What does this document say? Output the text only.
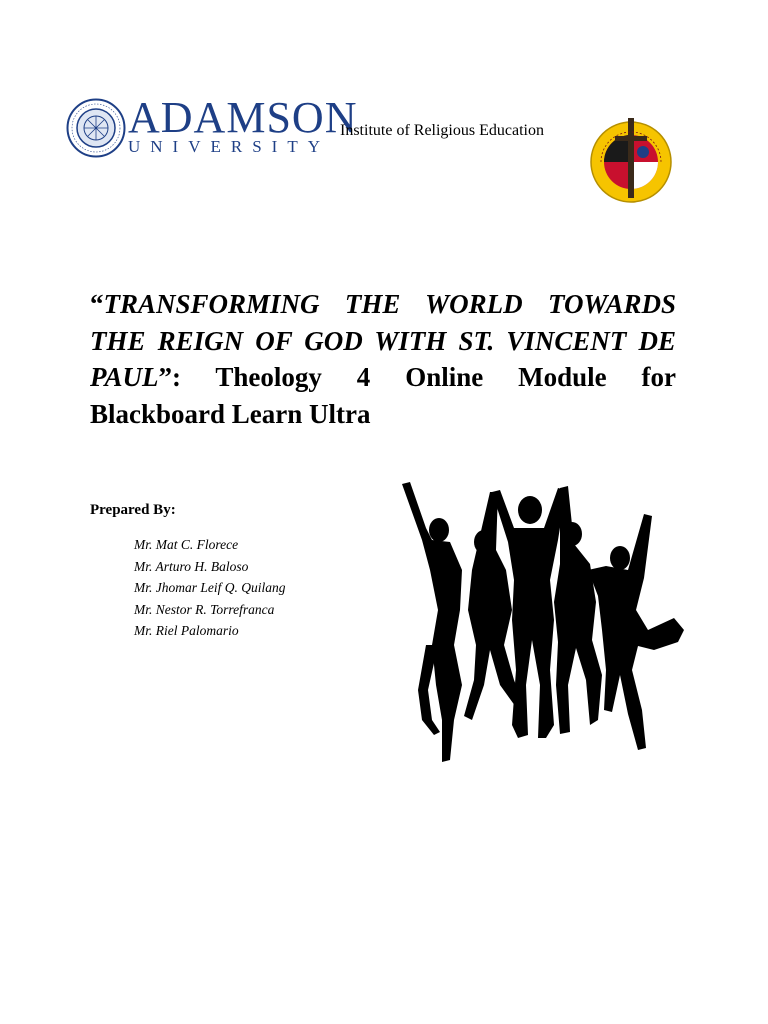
ADAMSON
UNIVERSITY
Institute of Religious Education
“TRANSFORMING THE WORLD TOWARDS
THE REIGN OF GOD WITH ST. VINCENT DE
PAUL”: Theology 4 Online Module for
Blackboard Learn Ultra
Prepared By:
Mr. Mat C. Florece
Mr. Arturo H. Baloso
Mr. Jhomar Leif Q. Quilang
Mr. Nestor R. Torrefranca
Mr. Riel Palomario
